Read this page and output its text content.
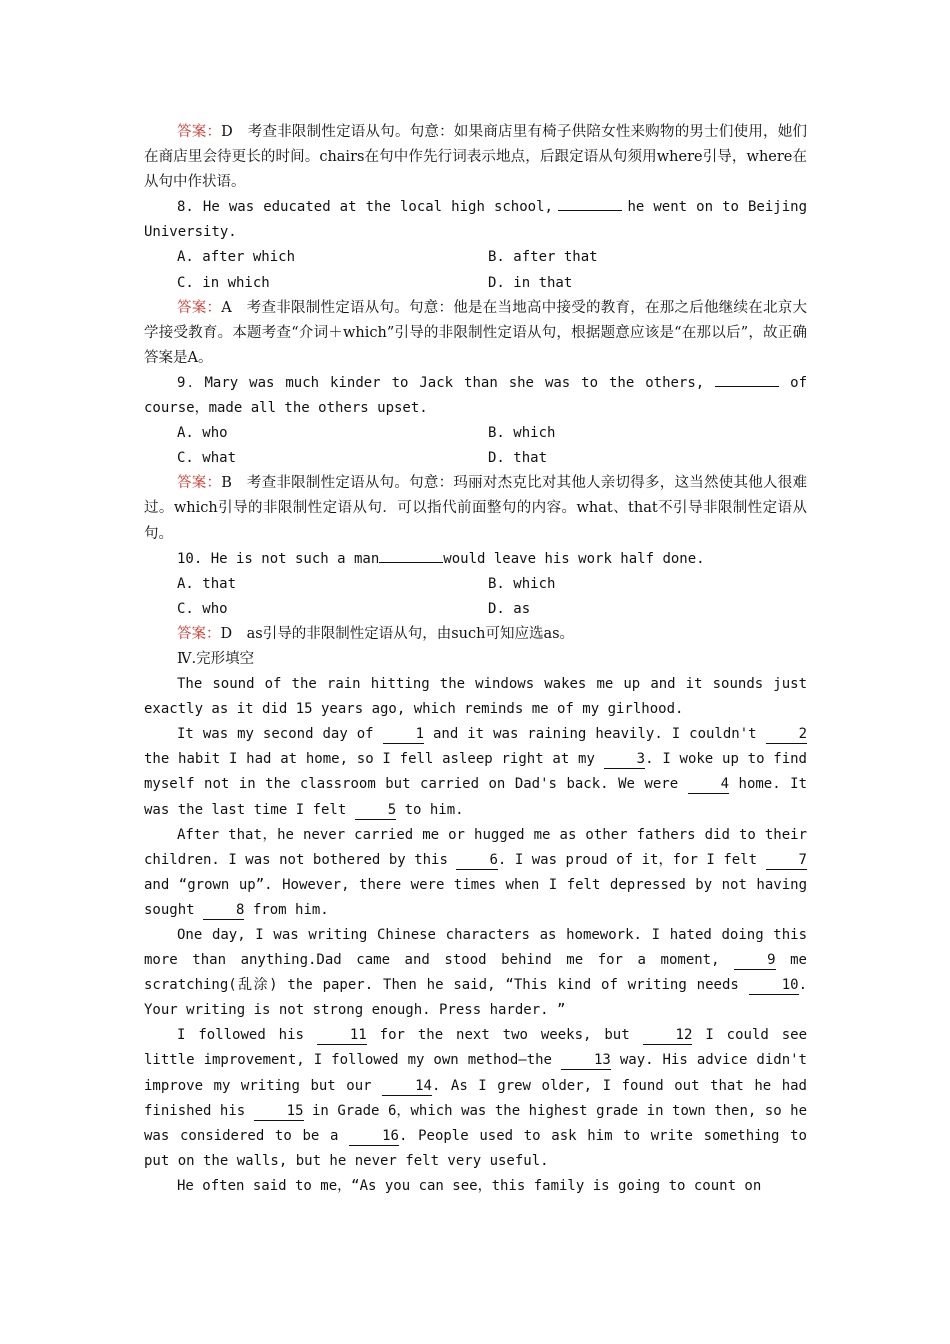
答案：D　考查非限制性定语从句。句意：如果商店里有椅子供陪女性来购物的男士们使用，她们在商店里会待更长的时间。chairs在句中作先行词表示地点，后跟定语从句须用where引导，where在从句中作状语。

8. He was educated at the local high school,	he went on to Beijing University.

A. after which	B. after that
C. in which	D. in that

答案：A　考查非限制性定语从句。句意：他是在当地高中接受的教育，在那之后他继续在北京大学接受教育。本题考查“介词＋which”引导的非限制性定语从句，根据题意应该是“在那以后”，故正确答案是A。

9．Mary was much kinder to Jack than she was to the others,	of course，made all the others upset.

A. who	B. which
C. what	D. that

答案：B　考查非限制性定语从句。句意：玛丽对杰克比对其他人亲切得多，这当然使其他人很难过。which引导的非限制性定语从句．可以指代前面整句的内容。what、that不引导非限制性定语从句。

10. He is not such a man	would leave his work half done.

A. that	B. which
C. who	D. as

答案：D　as引导的非限制性定语从句，由such可知应选as。

Ⅳ.完形填空

The sound of the rain hitting the windows wakes me up and it sounds just exactly as it did 15 years ago, which reminds me of my girlhood.

It was my second day of 1 and it was raining heavily. I couldn't 2 the habit I had at home, so I fell asleep right at my 3. I woke up to find myself not in the classroom but carried on Dad's back. We were 4 home. It was the last time I felt 5 to him.

After that，he never carried me or hugged me as other fathers did to their children. I was not bothered by this 6. I was proud of it，for I felt 7 and “grown up”. However, there were times when I felt depressed by not having sought 8 from him.

One day, I was writing Chinese characters as homework. I hated doing this more than anything.Dad came and stood behind me for a moment, 9 me scratching(乱涂) the paper. Then he said, “This kind of writing needs 10. Your writing is not strong enough. Press harder. ”

I followed his 11 for the next two weeks, but 12 I could see little improvement, I followed my own method—the 13 way. His advice didn't improve my writing but our 14. As I grew older, I found out that he had finished his 15 in Grade 6，which was the highest grade in town then, so he was considered to be a 16. People used to ask him to write something to put on the walls, but he never felt very useful.

He often said to me，“As you can see，this family is going to count on
